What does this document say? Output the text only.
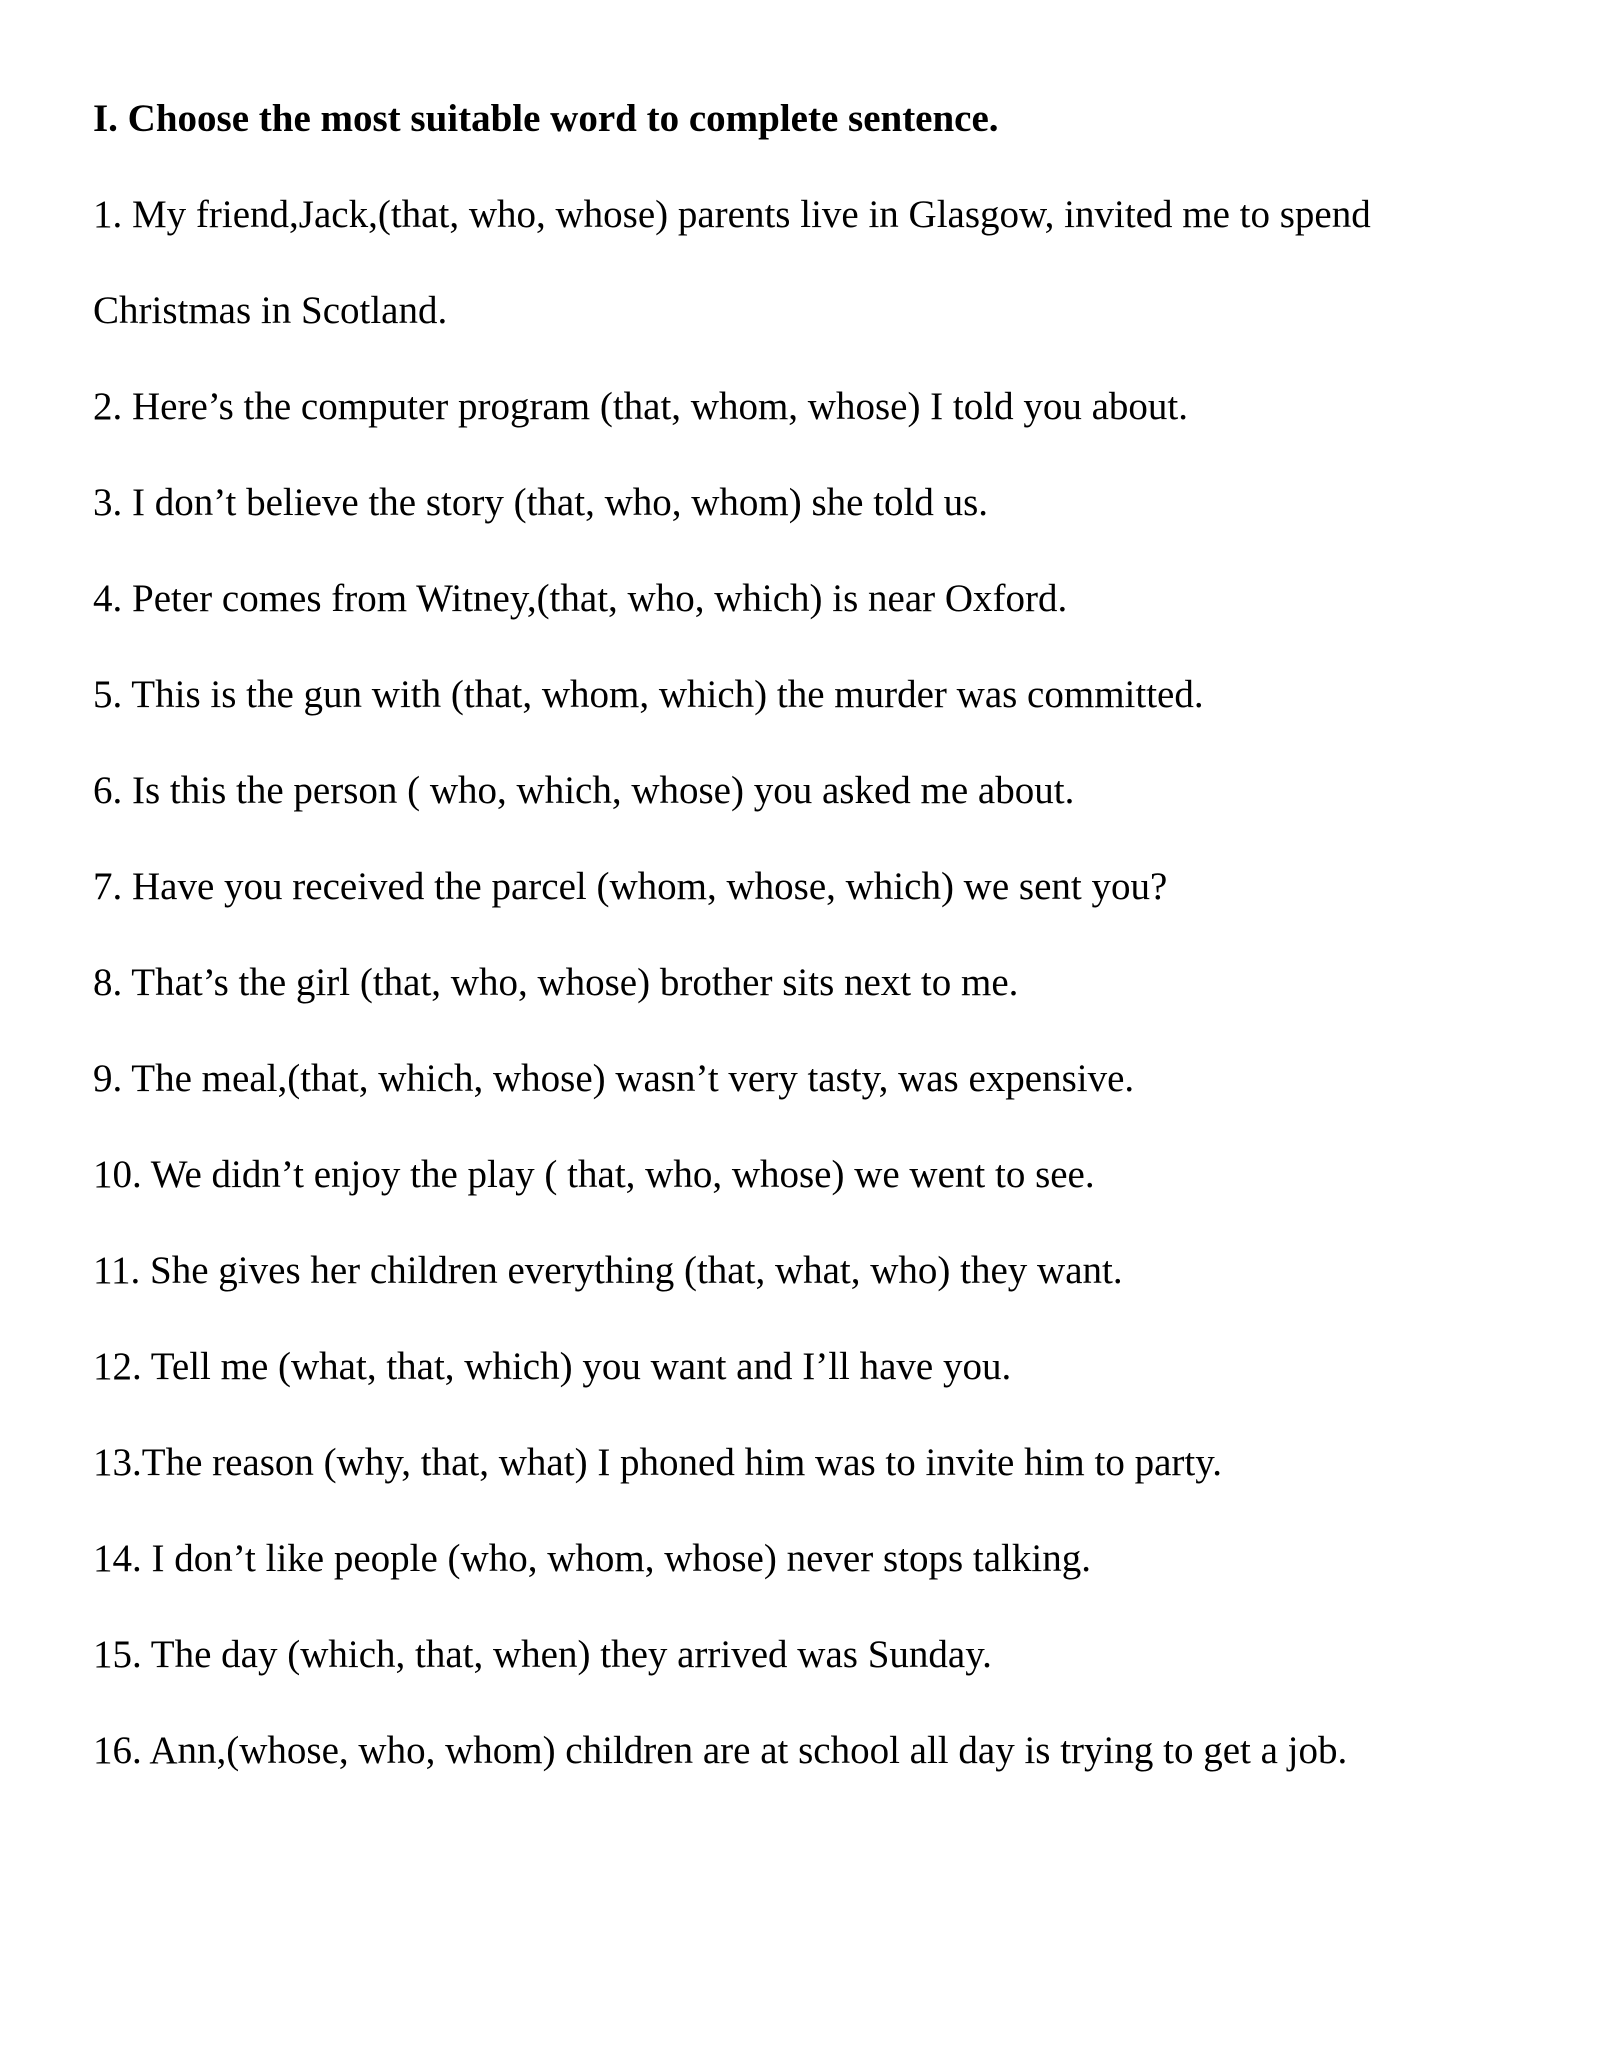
I. Choose the most suitable word to complete sentence.

1. My friend,Jack,(that, who, whose) parents live in Glasgow, invited me to spend Christmas in Scotland.
2. Here’s the computer program (that, whom, whose) I told you about.
3. I don’t believe the story (that, who, whom) she told us.
4. Peter comes from Witney,(that, who, which) is near Oxford.
5. This is the gun with (that, whom, which) the murder was committed.
6. Is this the person ( who, which, whose) you asked me about.
7. Have you received the parcel (whom, whose, which) we sent you?
8. That’s the girl (that, who, whose) brother sits next to me.
9. The meal,(that, which, whose) wasn’t very tasty, was expensive.
10. We didn’t enjoy the play ( that, who, whose) we went to see.
11. She gives her children everything (that, what, who) they want.
12. Tell me (what, that, which) you want and I’ll have you.
13.The reason (why, that, what) I phoned him was to invite him to party.
14. I don’t like people (who, whom, whose) never stops talking.
15. The day (which, that, when) they arrived was Sunday.
16. Ann,(whose, who, whom) children are at school all day is trying to get a job.
